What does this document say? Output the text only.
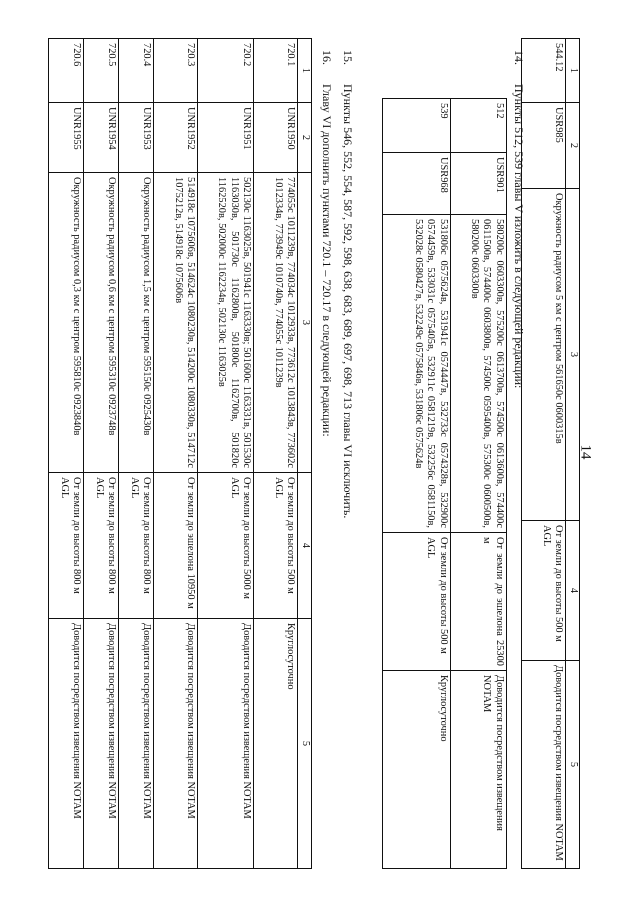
14
1	2	3	4	5
544.12	USR985	Окружность радиусом 5 км с центром 561650с 0600315в	От земли до высоты 500 м AGL	Доводится посредством извещения NOTAM
14.Пункты 512, 539 главы V изложить в следующей редакции:
512	USR901	580200с 0603300в, 575200с 0613700в, 574500с 0613600в, 574400с 0611500в, 574400с 0603800в, 574500с 0595400в, 575300с 0600500в, 580200с 0603300в	От земли до эшелона 25300 м	Доводится посредством извещения NOTAM
539	USR968	531806с 0575624в, 531941с 0574447в, 532733с 0574328в, 532900с 0574459в, 533031с 0575405в, 532911с 0581219в, 532256с 0581150в, 532028с 0580427в, 532249с 0575846в, 531806с 0575624в	От земли до высоты 500 м AGL	Круглосуточно
15.Пункты 546, 552, 554, 587, 592, 598, 638, 683, 689, 697, 698, 713 главы VI исключить.
16.Главу VI дополнить пунктами 720.1 – 720.17 в следующей редакции:
1	2	3	4	5
720.1	UNR1950	774055с 1011239в, 774034с 1012933в, 773612с 1013843в, 773602с 1012334в, 773949с 1010740в, 774055с 1011239в	От земли до высоты 500 м AGL	Круглосуточно
720.2	UNR1951	502130с 1163025в, 501941с 1163330в; 501600с 1163331в, 501530с 1163030в, 501730с 1162800в, 501800с 1162700в, 501820с 1162520в, 502000с 1162234в, 502130с 1163025в	От земли до высоты 5000 м AGL	Доводится посредством извещения NOTAM
720.3	UNR1952	514918с 1075606в, 514624с 1080230в, 514200с 1080330в, 514712с 1075212в, 514918с 1075606в	От земли до эшелона 10950 м	Доводится посредством извещения NOTAM
720.4	UNR1953	Окружность радиусом 1,5 км с центром 595150с 0925430в	От земли до высоты 800 м AGL	Доводится посредством извещения NOTAM
720.5	UNR1954	Окружность радиусом 0,6 км с центром 595310с 0923748в	От земли до высоты 800 м AGL	Доводится посредством извещения NOTAM
720.6	UNR1955	Окружность радиусом 0,3 км с центром 595810с 0923840в	От земли до высоты 800 м AGL	Доводится посредством извещения NOTAM
